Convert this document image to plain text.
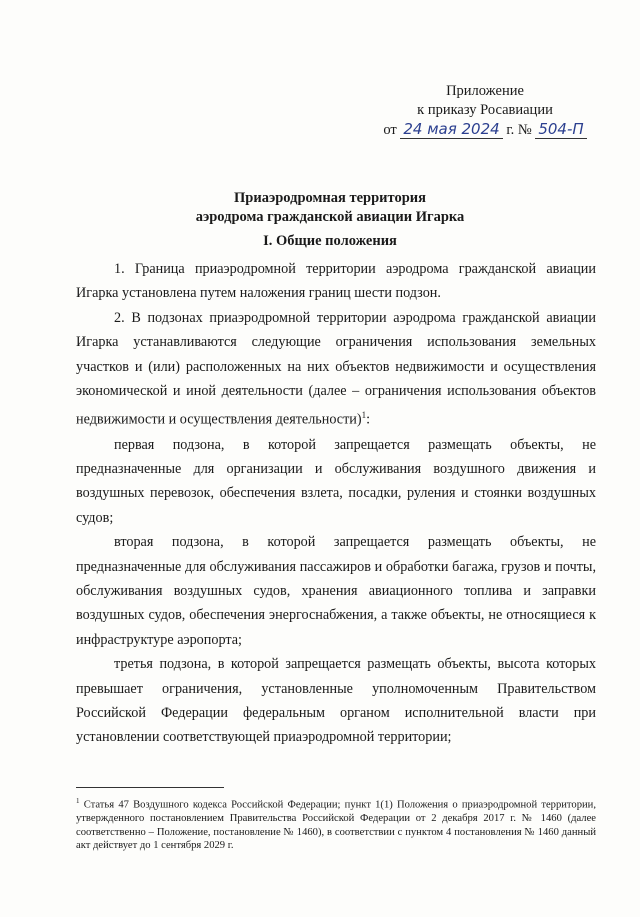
Приложение
к приказу Росавиации
от 24 мая 2024 г. № 504-П
Приаэродромная территория
аэродрома гражданской авиации Игарка
I. Общие положения

1. Граница приаэродромной территории аэродрома гражданской авиации Игарка установлена путем наложения границ шести подзон.

2. В подзонах приаэродромной территории аэродрома гражданской авиации Игарка устанавливаются следующие ограничения использования земельных участков и (или) расположенных на них объектов недвижимости и осуществления экономической и иной деятельности (далее – ограничения использования объектов недвижимости и осуществления деятельности)$^1$:

первая подзона, в которой запрещается размещать объекты, не предназначенные для организации и обслуживания воздушного движения и воздушных перевозок, обеспечения взлета, посадки, руления и стоянки воздушных судов;

вторая подзона, в которой запрещается размещать объекты, не предназначенные для обслуживания пассажиров и обработки багажа, грузов и почты, обслуживания воздушных судов, хранения авиационного топлива и заправки воздушных судов, обеспечения энергоснабжения, а также объекты, не относящиеся к инфраструктуре аэропорта;

третья подзона, в которой запрещается размещать объекты, высота которых превышает ограничения, установленные уполномоченным Правительством Российской Федерации федеральным органом исполнительной власти при установлении соответствующей приаэродромной территории;

$^1$ Статья 47 Воздушного кодекса Российской Федерации; пункт 1(1) Положения о приаэродромной территории, утвержденного постановлением Правительства Российской Федерации от 2 декабря 2017 г. № 1460 (далее соответственно – Положение, постановление № 1460), в соответствии с пунктом 4 постановления № 1460 данный акт действует до 1 сентября 2029 г.
